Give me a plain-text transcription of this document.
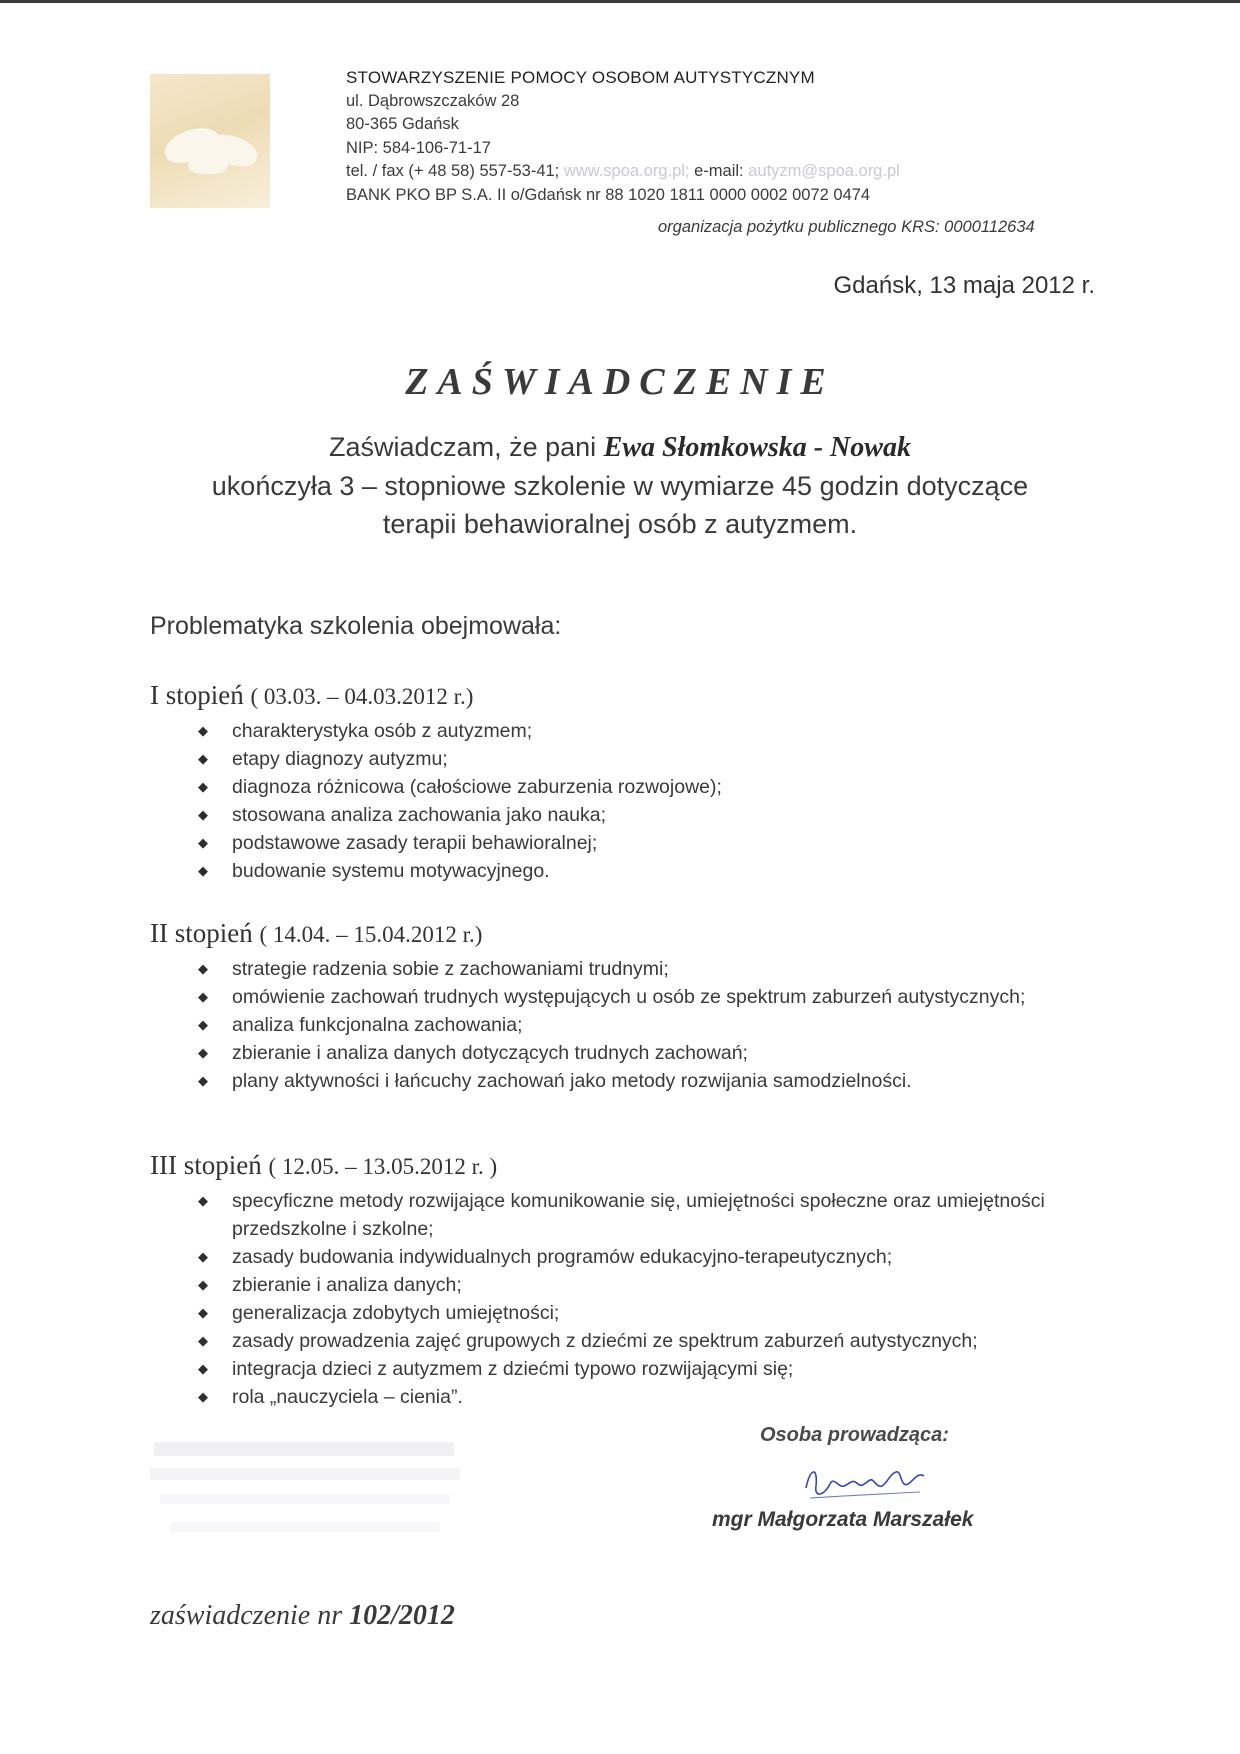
STOWARZYSZENIE POMOCY OSOBOM AUTYSTYCZNYM
ul. Dąbrowszczaków 28
80-365 Gdańsk
NIP: 584-106-71-17
tel. / fax (+ 48 58) 557-53-41; www.spoa.org.pl; e-mail: autyzm@spoa.org.pl
BANK PKO BP S.A. II o/Gdańsk nr 88 1020 1811 0000 0002 0072 0474
organizacja pożytku publicznego KRS: 0000112634
Gdańsk, 13 maja 2012 r.
ZAŚWIADCZENIE
Zaświadczam, że pani Ewa Słomkowska - Nowak
ukończyła 3 – stopniowe szkolenie w wymiarze 45 godzin dotyczące
terapii behawioralnej osób z autyzmem.
Problematyka szkolenia obejmowała:
I stopień ( 03.03. – 04.03.2012 r.)
◆ charakterystyka osób z autyzmem;
◆ etapy diagnozy autyzmu;
◆ diagnoza różnicowa (całościowe zaburzenia rozwojowe);
◆ stosowana analiza zachowania jako nauka;
◆ podstawowe zasady terapii behawioralnej;
◆ budowanie systemu motywacyjnego.
II stopień ( 14.04. – 15.04.2012 r.)
◆ strategie radzenia sobie z zachowaniami trudnymi;
◆ omówienie zachowań trudnych występujących u osób ze spektrum zaburzeń autystycznych;
◆ analiza funkcjonalna zachowania;
◆ zbieranie i analiza danych dotyczących trudnych zachowań;
◆ plany aktywności i łańcuchy zachowań jako metody rozwijania samodzielności.
III stopień ( 12.05. – 13.05.2012 r. )
◆ specyficzne metody rozwijające komunikowanie się, umiejętności społeczne oraz umiejętności przedszkolne i szkolne;
◆ zasady budowania indywidualnych programów edukacyjno-terapeutycznych;
◆ zbieranie i analiza danych;
◆ generalizacja zdobytych umiejętności;
◆ zasady prowadzenia zajęć grupowych z dziećmi ze spektrum zaburzeń autystycznych;
◆ integracja dzieci z autyzmem z dziećmi typowo rozwijającymi się;
◆ rola „nauczyciela – cienia”.
Osoba prowadząca:
mgr Małgorzata Marszałek
zaświadczenie nr 102/2012
